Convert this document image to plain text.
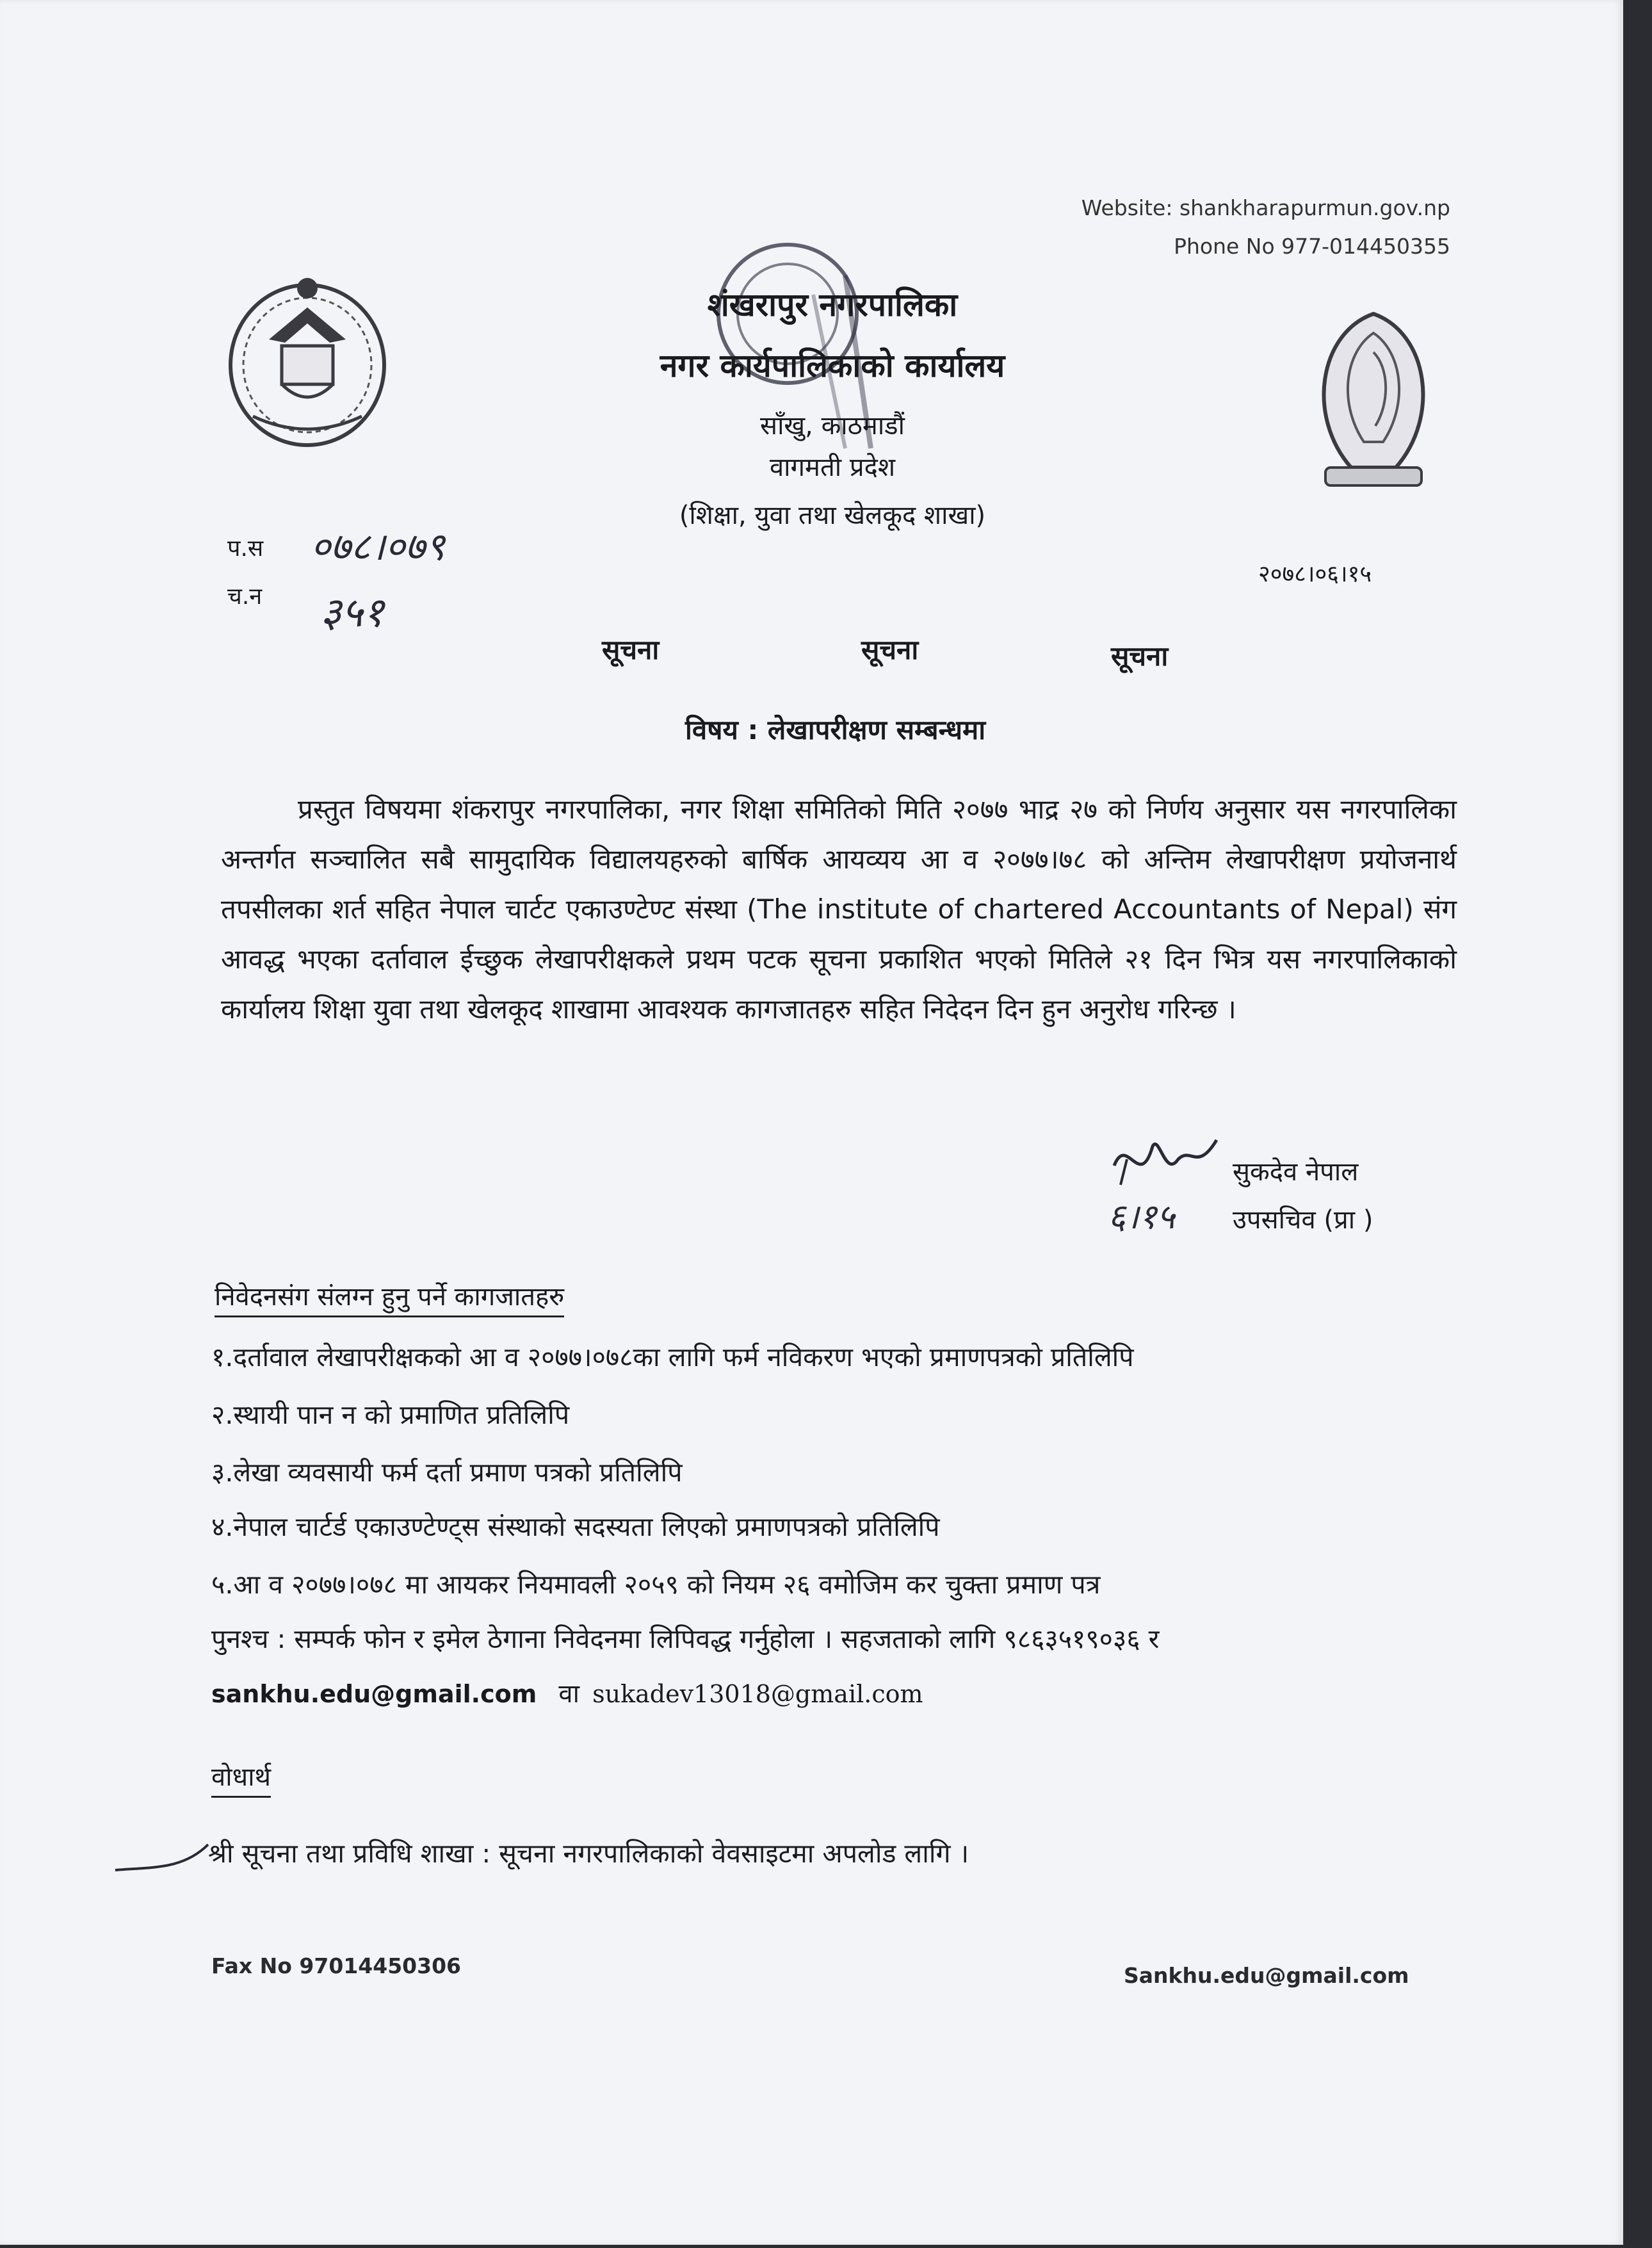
Website: shankharapurmun.gov.np
Phone No 977-014450355
शंखरापुर नगरपालिका
नगर कार्यपालिकाको कार्यालय
साँखु, काठमाडौं
वागमती प्रदेश
(शिक्षा, युवा तथा खेलकूद शाखा)
प.स ०७८।०७९
च.न ३५१
२०७८।०६।१५
सूचना	सूचना	सूचना
विषय : लेखापरीक्षण सम्बन्धमा
प्रस्तुत विषयमा शंकरापुर नगरपालिका, नगर शिक्षा समितिको मिति २०७७ भाद्र २७ को निर्णय अनुसार यस नगरपालिका अन्तर्गत सञ्चालित सबै सामुदायिक विद्यालयहरुको बार्षिक आयव्यय आ व २०७७।७८ को अन्तिम लेखापरीक्षण प्रयोजनार्थ तपसीलका शर्त सहित नेपाल चार्टट एकाउण्टेण्ट संस्था (The institute of chartered Accountants of Nepal) संग आवद्ध भएका दर्तावाल ईच्छुक लेखापरीक्षकले प्रथम पटक सूचना प्रकाशित भएको मितिले २१ दिन भित्र यस नगरपालिकाको कार्यालय शिक्षा युवा तथा खेलकूद शाखामा आवश्यक कागजातहरु सहित निदेदन दिन हुन अनुरोध गरिन्छ ।
६।१५
सुकदेव नेपाल
उपसचिव (प्रा )
निवेदनसंग संलग्न हुनु पर्ने कागजातहरु
१.दर्तावाल लेखापरीक्षकको आ व २०७७।०७८का लागि फर्म नविकरण भएको प्रमाणपत्रको प्रतिलिपि
२.स्थायी पान न को प्रमाणित प्रतिलिपि
३.लेखा व्यवसायी फर्म दर्ता प्रमाण पत्रको प्रतिलिपि
४.नेपाल चार्टर्ड एकाउण्टेण्ट्स संस्थाको सदस्यता लिएको प्रमाणपत्रको प्रतिलिपि
५.आ व २०७७।०७८ मा आयकर नियमावली २०५९ को नियम २६ वमोजिम कर चुक्ता प्रमाण पत्र
पुनश्च : सम्पर्क फोन र इमेल ठेगाना निवेदनमा लिपिवद्ध गर्नुहोला । सहजताको लागि ९८६३५१९०३६ र
sankhu.edu@gmail.com वा sukadev13018@gmail.com
वोधार्थ
श्री सूचना तथा प्रविधि शाखा : सूचना नगरपालिकाको वेवसाइटमा अपलोड लागि ।
Fax No 97014450306	Sankhu.edu@gmail.com
